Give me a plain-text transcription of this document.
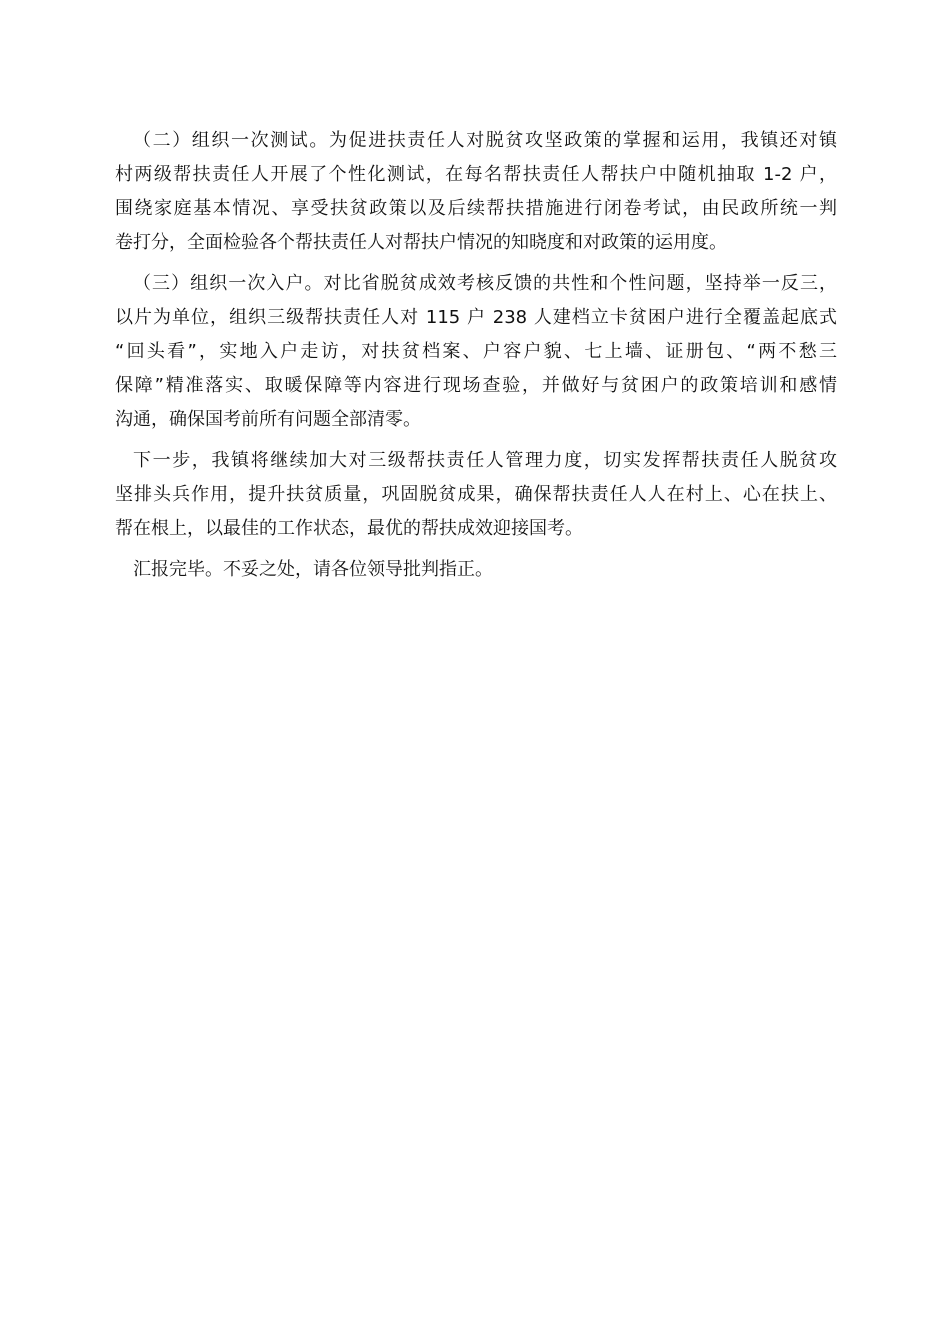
（二）组织一次测试。为促进扶责任人对脱贫攻坚政策的掌握和运用，我镇还对镇
村两级帮扶责任人开展了个性化测试，在每名帮扶责任人帮扶户中随机抽取 1-2 户，
围绕家庭基本情况、享受扶贫政策以及后续帮扶措施进行闭卷考试，由民政所统一判
卷打分，全面检验各个帮扶责任人对帮扶户情况的知晓度和对政策的运用度。
（三）组织一次入户。对比省脱贫成效考核反馈的共性和个性问题，坚持举一反三，
以片为单位，组织三级帮扶责任人对 115 户 238 人建档立卡贫困户进行全覆盖起底式
“回头看”，实地入户走访，对扶贫档案、户容户貌、七上墙、证册包、“两不愁三
保障”精准落实、取暖保障等内容进行现场查验，并做好与贫困户的政策培训和感情
沟通，确保国考前所有问题全部清零。
下一步，我镇将继续加大对三级帮扶责任人管理力度，切实发挥帮扶责任人脱贫攻
坚排头兵作用，提升扶贫质量，巩固脱贫成果，确保帮扶责任人人在村上、心在扶上、
帮在根上，以最佳的工作状态，最优的帮扶成效迎接国考。
汇报完毕。不妥之处，请各位领导批判指正。
